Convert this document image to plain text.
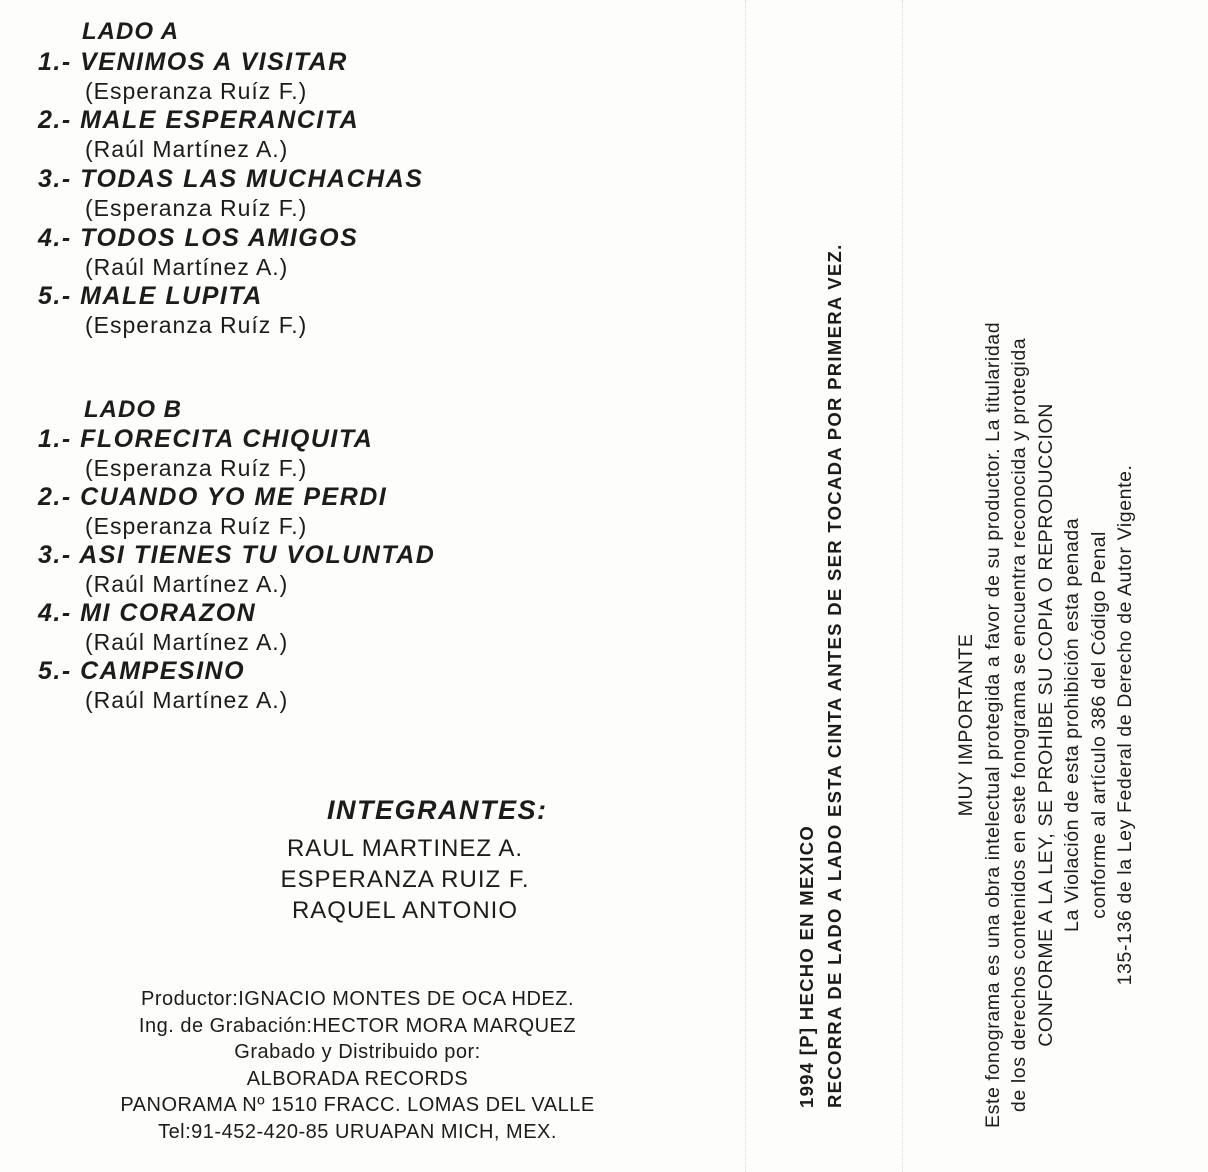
LADO A
1.- VENIMOS A VISITAR
(Esperanza Ruíz F.)
2.- MALE ESPERANCITA
(Raúl Martínez A.)
3.- TODAS LAS MUCHACHAS
(Esperanza Ruíz F.)
4.- TODOS LOS AMIGOS
(Raúl Martínez A.)
5.- MALE LUPITA
(Esperanza Ruíz F.)
LADO B
1.- FLORECITA CHIQUITA
(Esperanza Ruíz F.)
2.- CUANDO YO ME PERDI
(Esperanza Ruíz F.)
3.- ASI TIENES TU VOLUNTAD
(Raúl Martínez A.)
4.- MI CORAZON
(Raúl Martínez A.)
5.- CAMPESINO
(Raúl Martínez A.)
INTEGRANTES:
RAUL MARTINEZ A.
ESPERANZA RUIZ F.
RAQUEL ANTONIO
Productor:IGNACIO MONTES DE OCA HDEZ.
Ing. de Grabación:HECTOR MORA MARQUEZ
Grabado y Distribuido por:
ALBORADA RECORDS
PANORAMA Nº 1510 FRACC. LOMAS DEL VALLE
Tel:91-452-420-85 URUAPAN MICH, MEX.
1994 [P] HECHO EN MEXICO RECORRA DE LADO A LADO ESTA CINTA ANTES DE SER TOCADA POR PRIMERA VEZ.	MUY IMPORTANTE Este fonograma es una obra intelectual protegida a favor de su productor. La titularidad de los derechos contenidos en este fonograma se encuentra reconocida y protegida CONFORME A LA LEY, SE PROHIBE SU COPIA O REPRODUCCION La Violación de esta prohibición esta penada conforme al artículo 386 del Código Penal 135-136 de la Ley Federal de Derecho de Autor Vigente.
